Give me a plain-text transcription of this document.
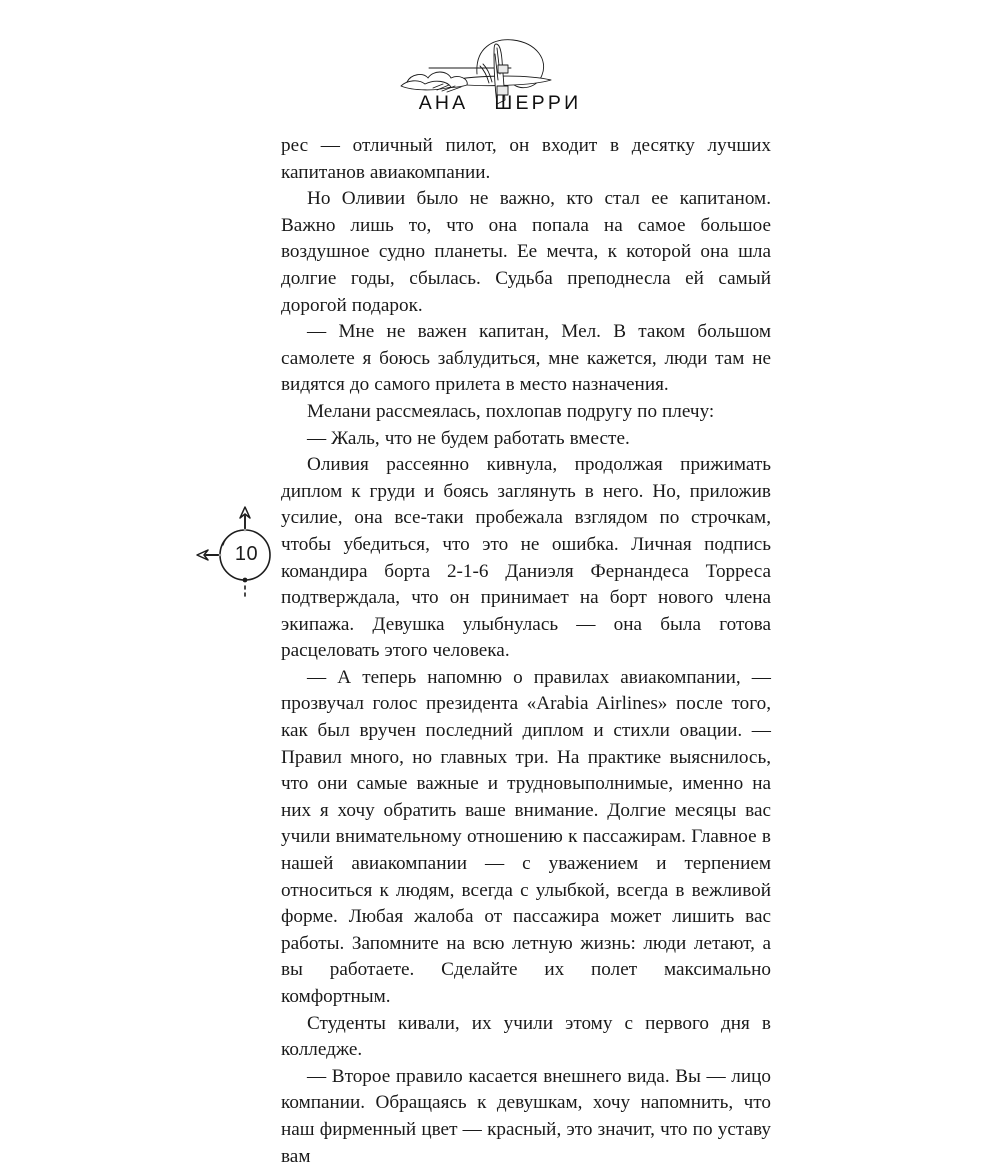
АНА ШЕРРИ
10

рес — отличный пилот, он входит в десятку лучших капитанов авиакомпании.

Но Оливии было не важно, кто стал ее капитаном. Важно лишь то, что она попала на самое большое воздушное судно планеты. Ее мечта, к которой она шла долгие годы, сбылась. Судьба преподнесла ей самый дорогой подарок.

— Мне не важен капитан, Мел. В таком большом самолете я боюсь заблудиться, мне кажется, люди там не видятся до самого прилета в место назначения.

Мелани рассмеялась, похлопав подругу по плечу:

— Жаль, что не будем работать вместе.

Оливия рассеянно кивнула, продолжая прижимать диплом к груди и боясь заглянуть в него. Но, приложив усилие, она все-таки пробежала взглядом по строчкам, чтобы убедиться, что это не ошибка. Личная подпись командира борта 2-1-6 Даниэля Фернандеса Торреса подтверждала, что он принимает на борт нового члена экипажа. Девушка улыбнулась — она была готова расцеловать этого человека.

— А теперь напомню о правилах авиакомпании, — прозвучал голос президента «Arabia Airlines» после того, как был вручен последний диплом и стихли овации. — Правил много, но главных три. На практике выяснилось, что они самые важные и трудновыполнимые, именно на них я хочу обратить ваше внимание. Долгие месяцы вас учили внимательному отношению к пассажирам. Главное в нашей авиакомпании — с уважением и терпением относиться к людям, всегда с улыбкой, всегда в вежливой форме. Любая жалоба от пассажира может лишить вас работы. Запомните на всю летную жизнь: люди летают, а вы работаете. Сделайте их полет максимально комфортным.

Студенты кивали, их учили этому с первого дня в колледже.

— Второе правило касается внешнего вида. Вы — лицо компании. Обращаясь к девушкам, хочу напомнить, что наш фирменный цвет — красный, это значит, что по уставу вам
